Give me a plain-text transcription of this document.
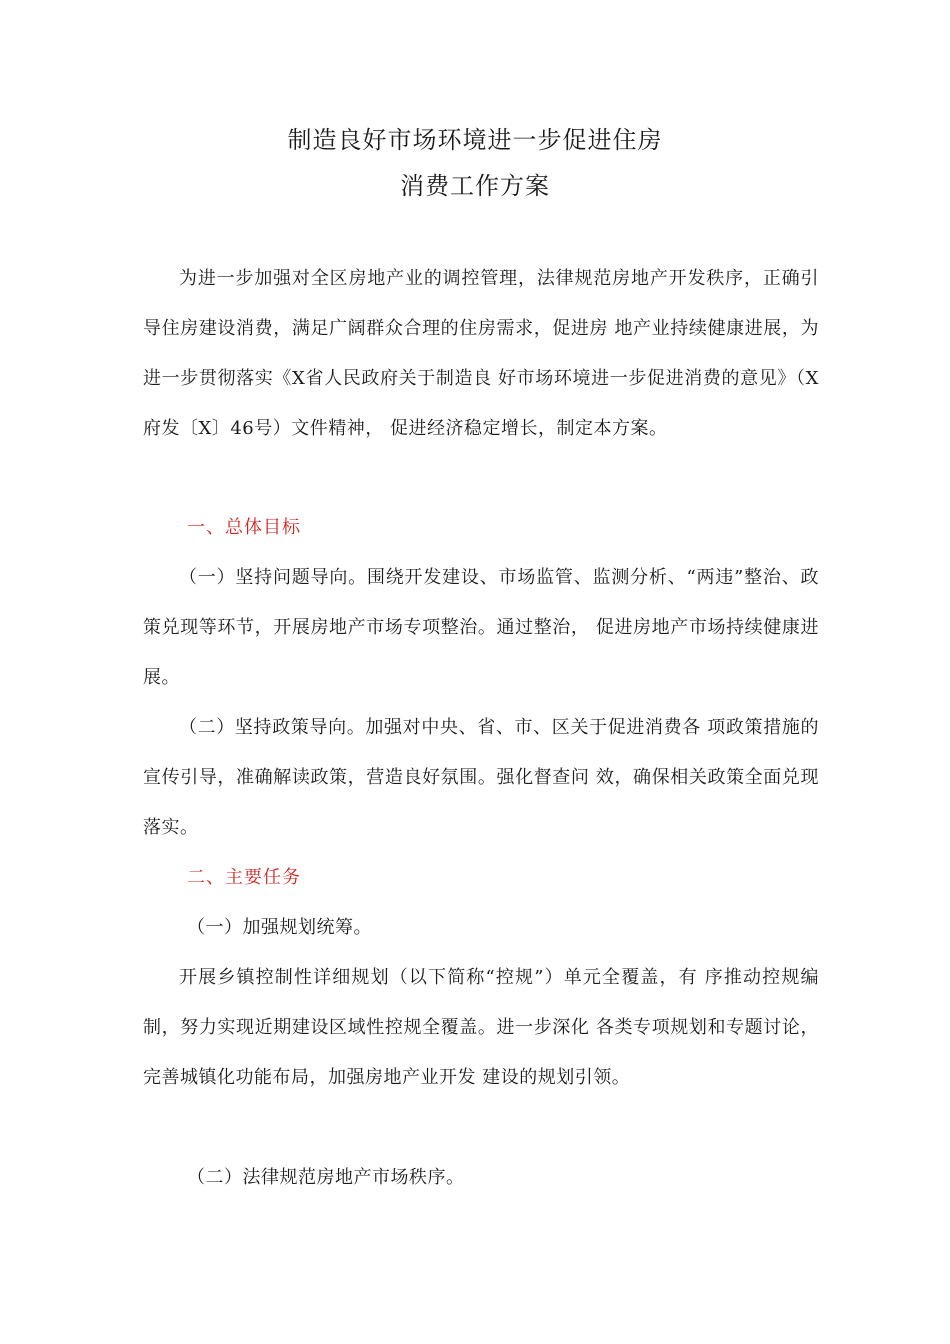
制造良好市场环境进一步促进住房
消费工作方案
为进一步加强对全区房地产业的调控管理，法律规范房地产开发秩序，正确引导住房建设消费，满足广阔群众合理的住房需求，促进房 地产业持续健康进展，为进一步贯彻落实《X省人民政府关于制造良 好市场环境进一步促进消费的意见》（X府发〔X〕46号）文件精神， 促进经济稳定增长，制定本方案。
一、总体目标
（一）坚持问题导向。围绕开发建设、市场监管、监测分析、“两违”整治、政策兑现等环节，开展房地产市场专项整治。通过整治， 促进房地产市场持续健康进展。
（二）坚持政策导向。加强对中央、省、市、区关于促进消费各 项政策措施的宣传引导，准确解读政策，营造良好氛围。强化督查问 效，确保相关政策全面兑现落实。
二、主要任务
（一）加强规划统筹。
开展乡镇控制性详细规划（以下简称“控规”）单元全覆盖，有 序推动控规编制，努力实现近期建设区域性控规全覆盖。进一步深化 各类专项规划和专题讨论，完善城镇化功能布局，加强房地产业开发 建设的规划引领。
（二）法律规范房地产市场秩序。
